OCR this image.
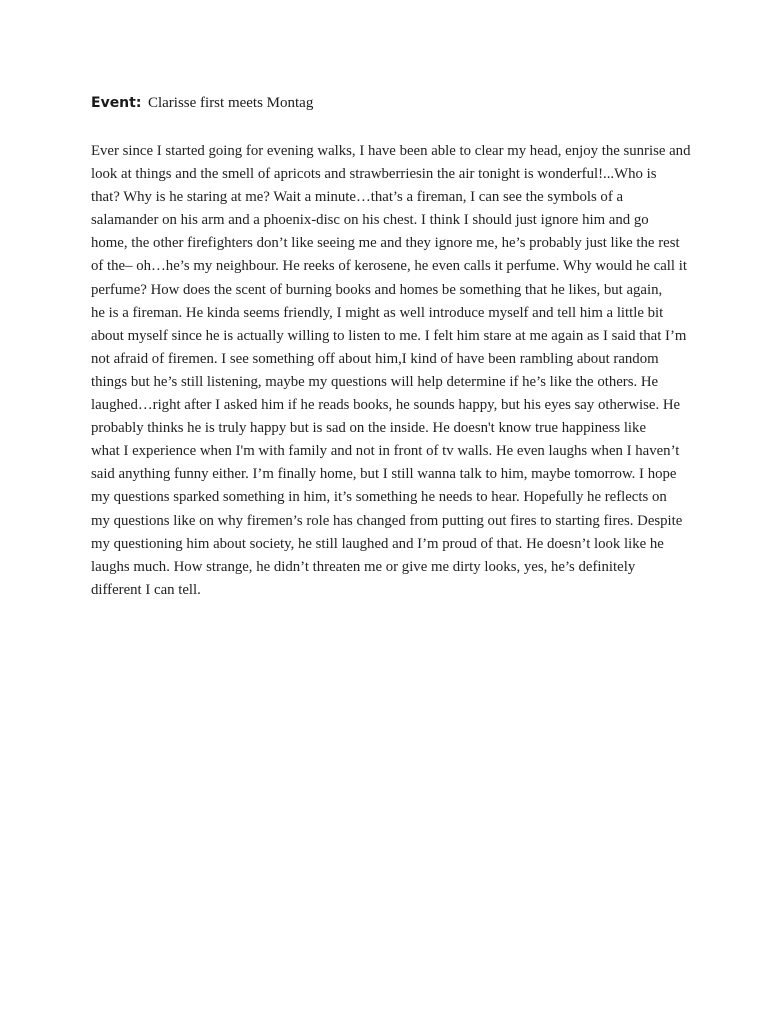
Event: Clarisse first meets Montag

Ever since I started going for evening walks, I have been able to clear my head, enjoy the sunrise and
look at things and the smell of apricots and strawberriesin the air tonight is wonderful!...Who is
that? Why is he staring at me? Wait a minute…that’s a fireman, I can see the symbols of a
salamander on his arm and a phoenix-disc on his chest. I think I should just ignore him and go
home, the other firefighters don’t like seeing me and they ignore me, he’s probably just like the rest
of the– oh…he’s my neighbour. He reeks of kerosene, he even calls it perfume. Why would he call it
perfume? How does the scent of burning books and homes be something that he likes, but again,
he is a fireman. He kinda seems friendly, I might as well introduce myself and tell him a little bit
about myself since he is actually willing to listen to me. I felt him stare at me again as I said that I’m
not afraid of firemen. I see something off about him,I kind of have been rambling about random
things but he’s still listening, maybe my questions will help determine if he’s like the others. He
laughed…right after I asked him if he reads books, he sounds happy, but his eyes say otherwise. He
probably thinks he is truly happy but is sad on the inside. He doesn't know true happiness like
what I experience when I'm with family and not in front of tv walls. He even laughs when I haven’t
said anything funny either. I’m finally home, but I still wanna talk to him, maybe tomorrow. I hope
my questions sparked something in him, it’s something he needs to hear. Hopefully he reflects on
my questions like on why firemen’s role has changed from putting out fires to starting fires. Despite
my questioning him about society, he still laughed and I’m proud of that. He doesn’t look like he
laughs much. How strange, he didn’t threaten me or give me dirty looks, yes, he’s definitely
different I can tell.
